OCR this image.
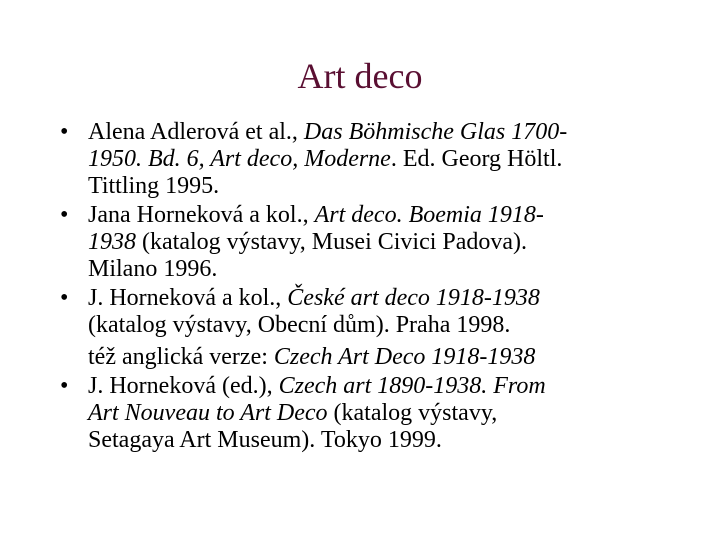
Art deco
• Alena Adlerová et al., Das Böhmische Glas 1700-
1950. Bd. 6, Art deco, Moderne. Ed. Georg Höltl.
Tittling 1995.
• Jana Horneková a kol., Art deco. Boemia 1918-
1938 (katalog výstavy, Musei Civici Padova).
Milano 1996.
• J. Horneková a kol., České art deco 1918-1938
(katalog výstavy, Obecní dům). Praha 1998.
též anglická verze: Czech Art Deco 1918-1938
• J. Horneková (ed.), Czech art 1890-1938. From
Art Nouveau to Art Deco (katalog výstavy,
Setagaya Art Museum). Tokyo 1999.
